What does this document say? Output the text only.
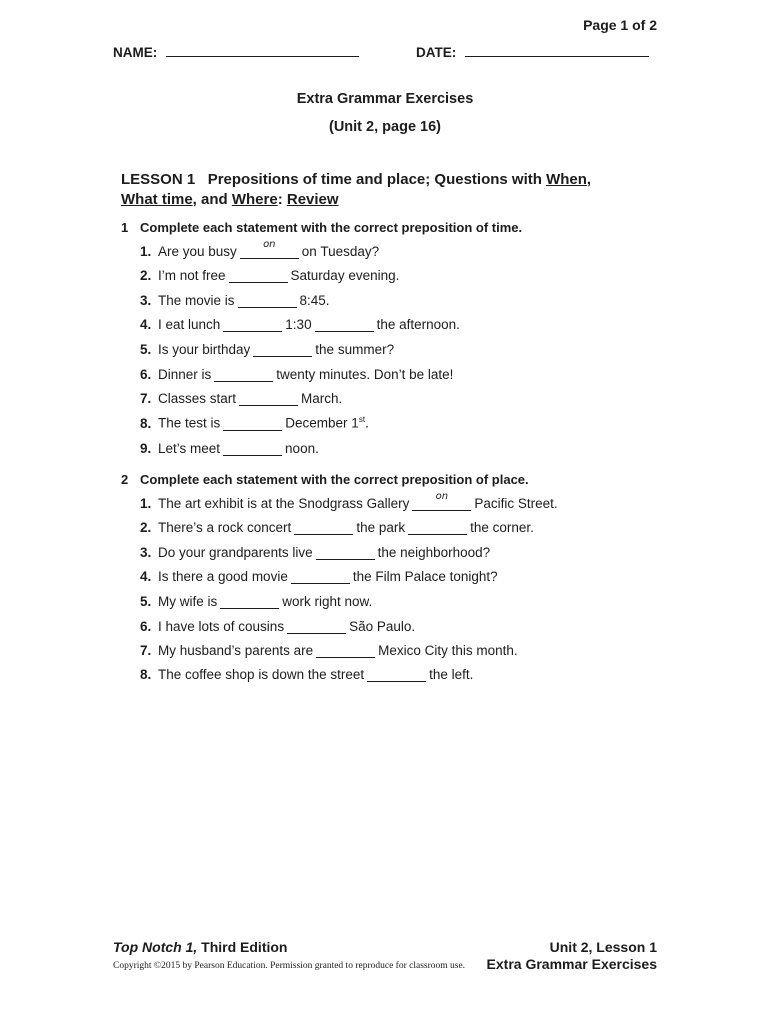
Page 1 of 2
NAME:	DATE:
Extra Grammar Exercises
(Unit 2, page 16)
LESSON 1 Prepositions of time and place; Questions with When,
What time, and Where: Review
1 Complete each statement with the correct preposition of time.
1. Are you busy	on	on Tuesday?
2. I’m not free	Saturday evening.
3. The movie is	8:45.
4. I eat lunch	1:30	the afternoon.
5. Is your birthday	the summer?
6. Dinner is	twenty minutes. Don’t be late!
7. Classes start	March.
8. The test is	December 1st.
9. Let’s meet	noon.
2 Complete each statement with the correct preposition of place.
1. The art exhibit is at the Snodgrass Gallery	on	Pacific Street.
2. There’s a rock concert	the park	the corner.
3. Do your grandparents live	the neighborhood?
4. Is there a good movie	the Film Palace tonight?
5. My wife is	work right now.
6. I have lots of cousins	São Paulo.
7. My husband’s parents are	Mexico City this month.
8. The coffee shop is down the street	the left.
Top Notch 1, Third Edition
Copyright ©2015 by Pearson Education. Permission granted to reproduce for classroom use.
Unit 2, Lesson 1
Extra Grammar Exercises
